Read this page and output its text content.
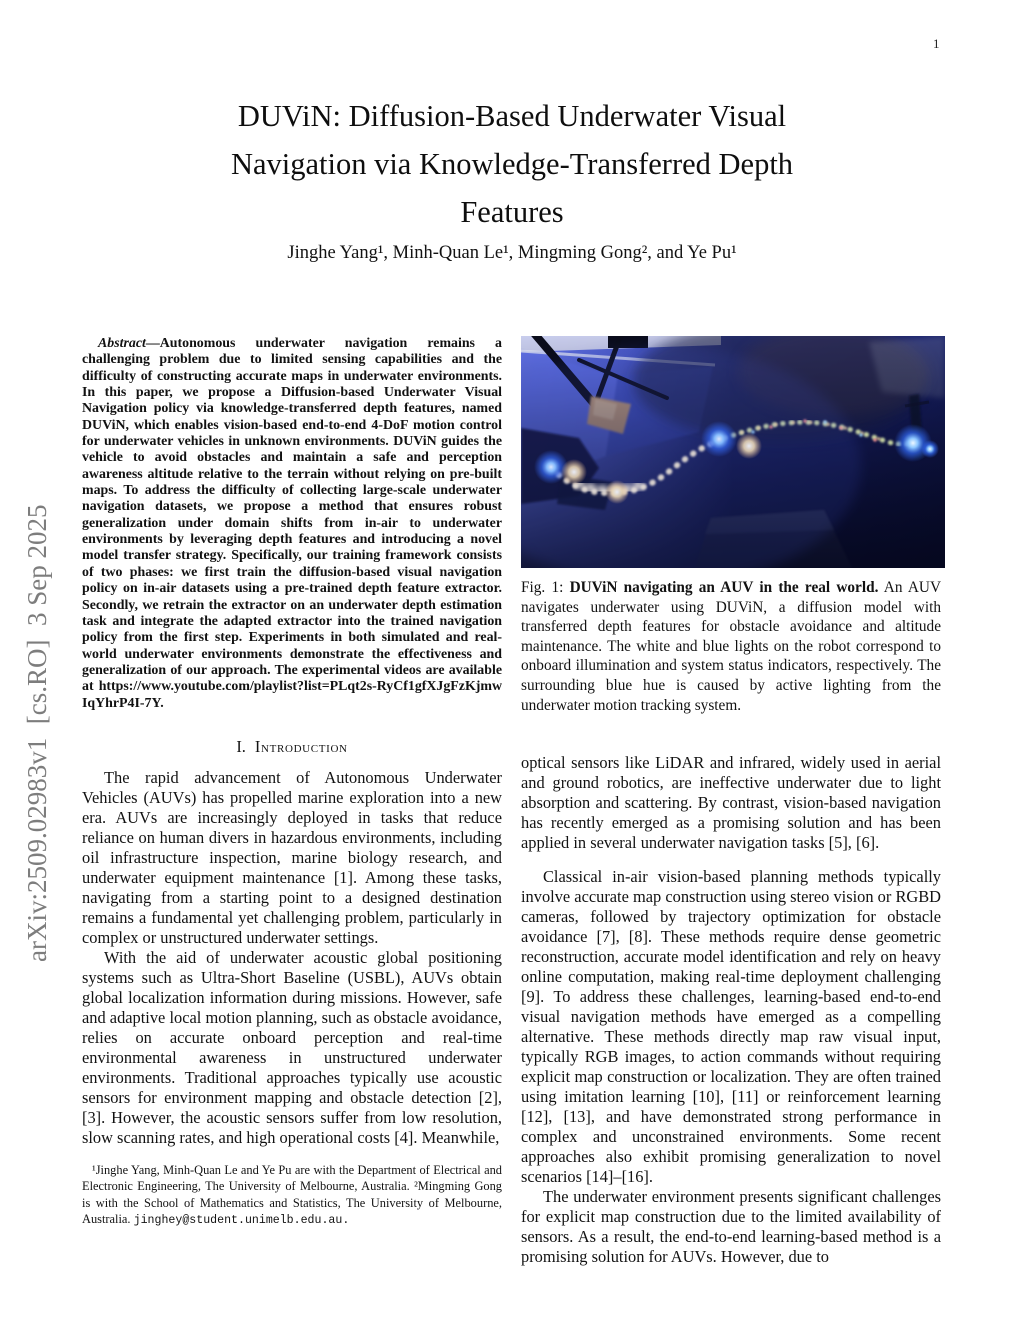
1
arXiv:2509.02983v1  [cs.RO]  3 Sep 2025
DUViN: Diffusion-Based Underwater Visual
Navigation via Knowledge-Transferred Depth
Features
Jinghe Yang¹, Minh-Quan Le¹, Mingming Gong², and Ye Pu¹

Abstract—Autonomous underwater navigation remains a challenging problem due to limited sensing capabilities and the difficulty of constructing accurate maps in underwater environments. In this paper, we propose a Diffusion-based Underwater Visual Navigation policy via knowledge-transferred depth features, named DUViN, which enables vision-based end-to-end 4-DoF motion control for underwater vehicles in unknown environments. DUViN guides the vehicle to avoid obstacles and maintain a safe and perception awareness altitude relative to the terrain without relying on pre-built maps. To address the difficulty of collecting large-scale underwater navigation datasets, we propose a method that ensures robust generalization under domain shifts from in-air to underwater environments by leveraging depth features and introducing a novel model transfer strategy. Specifically, our training framework consists of two phases: we first train the diffusion-based visual navigation policy on in-air datasets using a pre-trained depth feature extractor. Secondly, we retrain the extractor on an underwater depth estimation task and integrate the adapted extractor into the trained navigation policy from the first step. Experiments in both simulated and real-world underwater environments demonstrate the effectiveness and generalization of our approach. The experimental videos are available at https://www.youtube.com/playlist?list=PLqt2s-RyCf1gfXJgFzKjmwIqYhrP4I-7Y.

I. Introduction

The rapid advancement of Autonomous Underwater Vehicles (AUVs) has propelled marine exploration into a new era. AUVs are increasingly deployed in tasks that reduce reliance on human divers in hazardous environments, including oil infrastructure inspection, marine biology research, and underwater equipment maintenance [1]. Among these tasks, navigating from a starting point to a designed destination remains a fundamental yet challenging problem, particularly in complex or unstructured underwater settings.

With the aid of underwater acoustic global positioning systems such as Ultra-Short Baseline (USBL), AUVs obtain global localization information during missions. However, safe and adaptive local motion planning, such as obstacle avoidance, relies on accurate onboard perception and real-time environmental awareness in unstructured underwater environments. Traditional approaches typically use acoustic sensors for environment mapping and obstacle detection [2], [3]. However, the acoustic sensors suffer from low resolution, slow scanning rates, and high operational costs [4]. Meanwhile,

¹Jinghe Yang, Minh-Quan Le and Ye Pu are with the Department of Electrical and Electronic Engineering, The University of Melbourne, Australia. ²Mingming Gong is with the School of Mathematics and Statistics, The University of Melbourne, Australia. jinghey@student.unimelb.edu.au.

Fig. 1: DUViN navigating an AUV in the real world. An AUV navigates underwater using DUViN, a diffusion model with transferred depth features for obstacle avoidance and altitude maintenance. The white and blue lights on the robot correspond to onboard illumination and system status indicators, respectively. The surrounding blue hue is caused by active lighting from the underwater motion tracking system.

optical sensors like LiDAR and infrared, widely used in aerial and ground robotics, are ineffective underwater due to light absorption and scattering. By contrast, vision-based navigation has recently emerged as a promising solution and has been applied in several underwater navigation tasks [5], [6].

Classical in-air vision-based planning methods typically involve accurate map construction using stereo vision or RGBD cameras, followed by trajectory optimization for obstacle avoidance [7], [8]. These methods require dense geometric reconstruction, accurate model identification and rely on heavy online computation, making real-time deployment challenging [9]. To address these challenges, learning-based end-to-end visual navigation methods have emerged as a compelling alternative. These methods directly map raw visual input, typically RGB images, to action commands without requiring explicit map construction or localization. They are often trained using imitation learning [10], [11] or reinforcement learning [12], [13], and have demonstrated strong performance in complex and unconstrained environments. Some recent approaches also exhibit promising generalization to novel scenarios [14]–[16].

The underwater environment presents significant challenges for explicit map construction due to the limited availability of sensors. As a result, the end-to-end learning-based method is a promising solution for AUVs. However, due to
